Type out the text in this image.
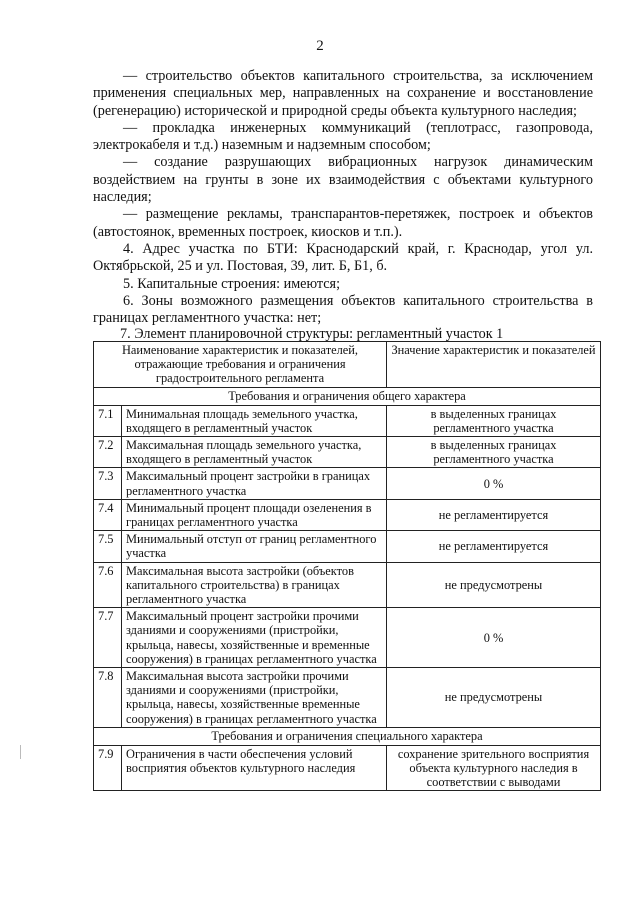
2

— строительство объектов капитального строительства, за исключением применения специальных мер, направленных на сохранение и восстановление (регенерацию) исторической и природной среды объекта культурного наследия;

— прокладка инженерных коммуникаций (теплотрасс, газопровода, электрокабеля и т.д.) наземным и надземным способом;

— создание разрушающих вибрационных нагрузок динамическим воздействием на грунты в зоне их взаимодействия с объектами культурного наследия;

— размещение рекламы, транспарантов-перетяжек, построек и объектов (автостоянок, временных построек, киосков и т.п.).

4. Адрес участка по БТИ: Краснодарский край, г. Краснодар, угол ул. Октябрьской, 25 и ул. Постовая, 39, лит. Б, Б1, б.

5. Капитальные строения: имеются;

6. Зоны возможного размещения объектов капитального строительства в границах регламентного участка: нет;

7. Элемент планировочной структуры: регламентный участок 1
Наименование характеристик и показателей, отражающие требования и ограничения градостроительного регламента		Значение характеристик и показателей
Требования и ограничения общего характера		
7.1	Минимальная площадь земельного участка, входящего в регламентный участок	в выделенных границах регламентного участка
7.2	Максимальная площадь земельного участка, входящего в регламентный участок	в выделенных границах регламентного участка
7.3	Максимальный процент застройки в границах регламентного участка	0 %
7.4	Минимальный процент площади озеленения в границах регламентного участка	не регламентируется
7.5	Минимальный отступ от границ регламентного участка	не регламентируется
7.6	Максимальная высота застройки (объектов капитального строительства) в границах регламентного участка	не предусмотрены
7.7	Максимальный процент застройки прочими зданиями и сооружениями (пристройки, крыльца, навесы, хозяйственные и временные сооружения) в границах регламентного участка	0 %
7.8	Максимальная высота застройки прочими зданиями и сооружениями (пристройки, крыльца, навесы, хозяйственные временные сооружения) в границах регламентного участка	не предусмотрены
Требования и ограничения специального характера		
7.9	Ограничения в части обеспечения условий восприятия объектов культурного наследия	сохранение зрительного восприятия объекта культурного наследия в соответствии с выводами
